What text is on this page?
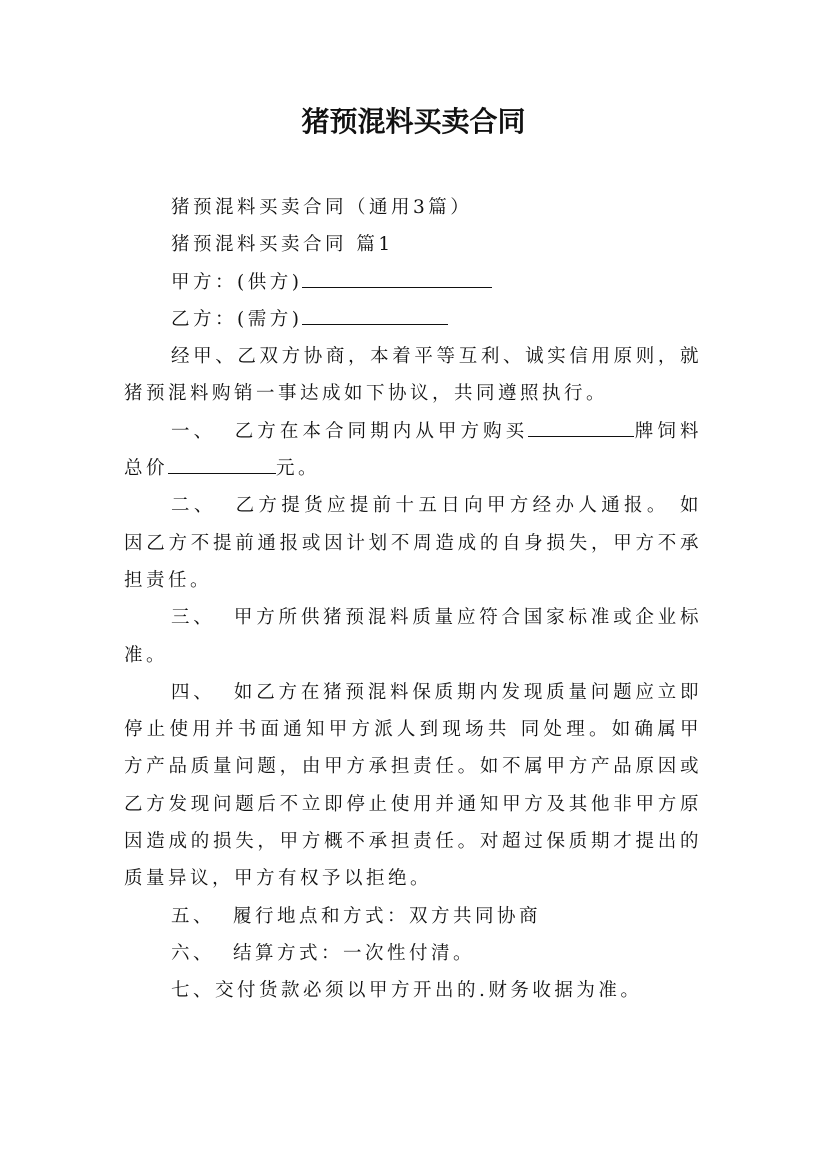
猪预混料买卖合同

猪预混料买卖合同（通用3篇）

猪预混料买卖合同 篇1

甲方：(供方)

乙方：(需方)

经甲、乙双方协商，本着平等互利、诚实信用原则，就猪预混料购销一事达成如下协议，共同遵照执行。

一、 乙方在本合同期内从甲方购买	牌饲料总价	元。

二、 乙方提货应提前十五日向甲方经办人通报。 如因乙方不提前通报或因计划不周造成的自身损失，甲方不承担责任。

三、 甲方所供猪预混料质量应符合国家标准或企业标准。

四、 如乙方在猪预混料保质期内发现质量问题应立即停止使用并书面通知甲方派人到现场共 同处理。如确属甲方产品质量问题，由甲方承担责任。如不属甲方产品原因或乙方发现问题后不立即停止使用并通知甲方及其他非甲方原因造成的损失，甲方概不承担责任。对超过保质期才提出的质量异议，甲方有权予以拒绝。

五、 履行地点和方式：双方共同协商

六、 结算方式：一次性付清。

七、交付货款必须以甲方开出的.财务收据为准。
